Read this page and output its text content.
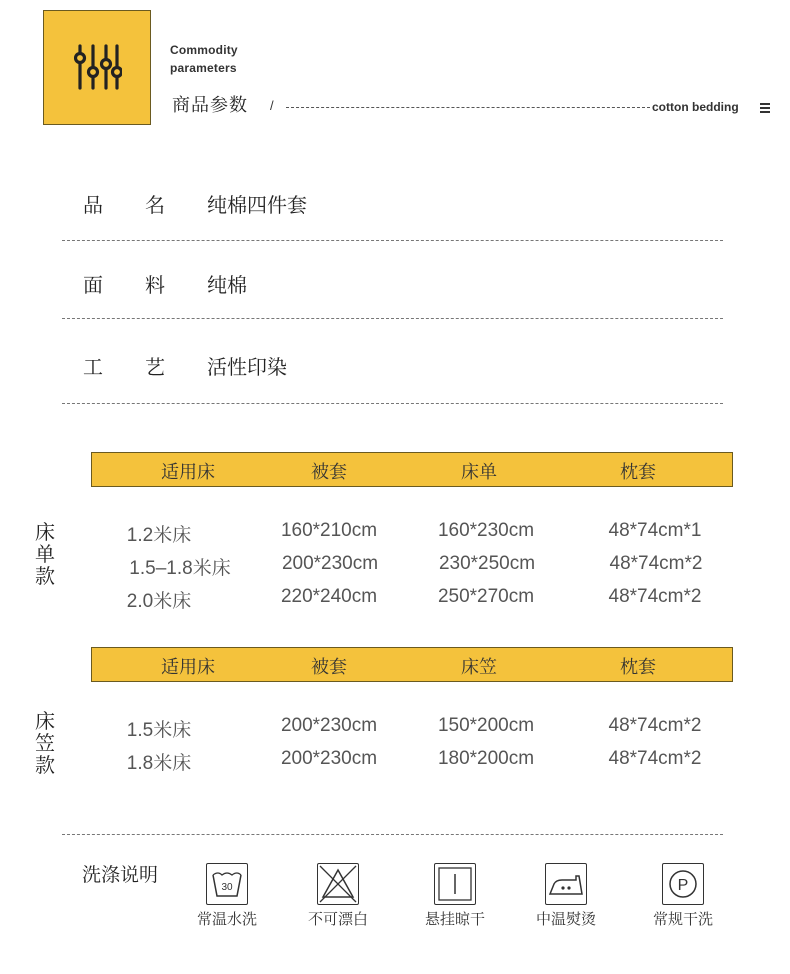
Commodity
parameters
商品参数 /	cotton bedding
品	名	纯棉四件套
面	料	纯棉
工	艺	活性印染
适用床	被套	床单	枕套
床
单
款
1.2米床	160*210cm	160*230cm	48*74cm*1
1.5–1.8米床	200*230cm	230*250cm	48*74cm*2
2.0米床	220*240cm	250*270cm	48*74cm*2
适用床	被套	床笠	枕套
床
笠
款
1.5米床	200*230cm	150*200cm	48*74cm*2
1.8米床	200*230cm	180*200cm	48*74cm*2
洗涤说明
30
常温水洗	不可漂白	悬挂晾干	中温熨烫
P
常规干洗
